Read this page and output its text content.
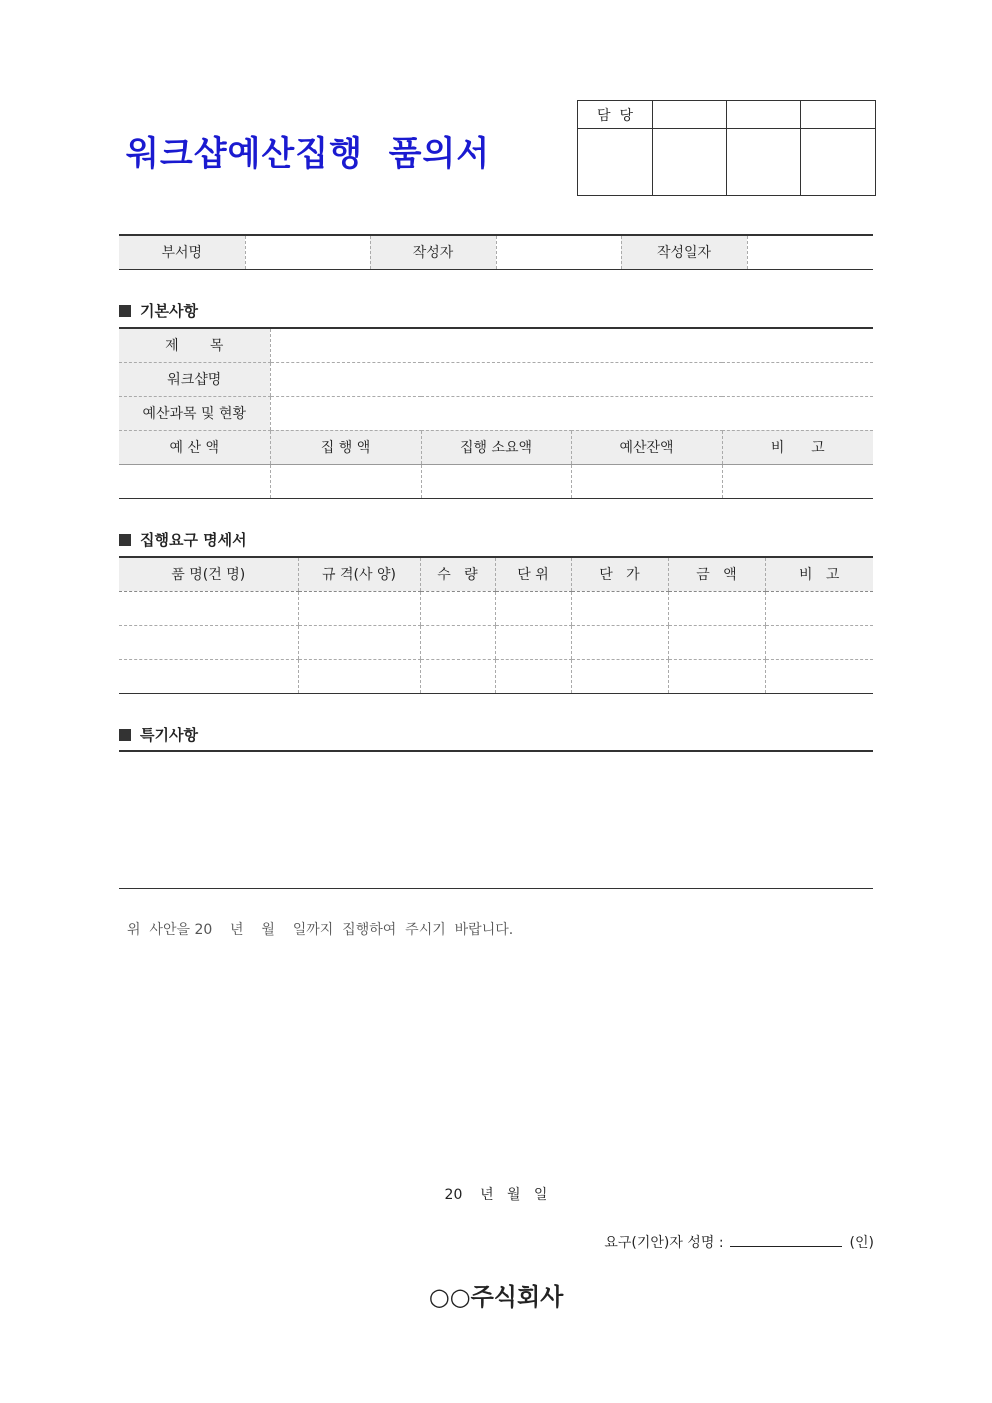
워크샵예산집행  품의서
담  당			

부서명		작성자		작성일자	
기본사항
제       목				
워크샵명				
예산과목 및 현황				
예 산 액	집 행 액	집행 소요액	예산잔액	비      고

집행요구 명세서
품 명(건 명)	규 격(사 양)	수   량	단 위	단   가	금   액	비   고

특기사항
위  사안을 20    년    월    일까지  집행하여  주시기  바랍니다.
20    년   월   일
요구(기안)자 성명 :	(인)
○○주식회사
